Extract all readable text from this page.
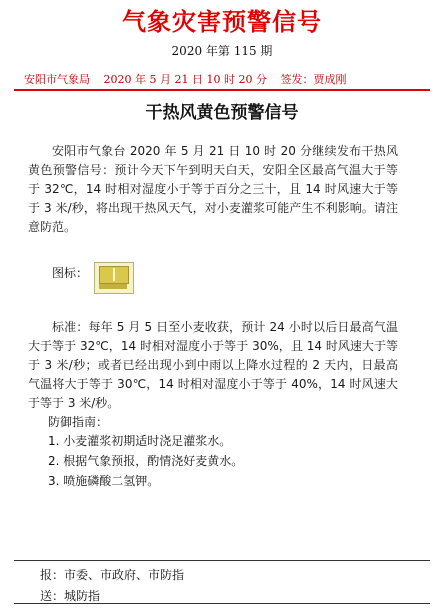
气象灾害预警信号
2020 年第 115 期
安阳市气象局 2020 年 5 月 21 日 10 时 20 分 签发：贾成刚
干热风黄色预警信号
安阳市气象台 2020 年 5 月 21 日 10 时 20 分继续发布干热风黄色预警信号：预计今天下午到明天白天，安阳全区最高气温大于等于 32℃，14 时相对湿度小于等于百分之三十，且 14 时风速大于等于 3 米/秒，将出现干热风天气，对小麦灌浆可能产生不利影响。请注意防范。
图标：
标准：每年 5 月 5 日至小麦收获，预计 24 小时以后日最高气温大于等于 32℃，14 时相对湿度小于等于 30%，且 14 时风速大于等于 3 米/秒；或者已经出现小到中雨以上降水过程的 2 天内，日最高气温将大于等于 30℃，14 时相对湿度小于等于 40%，14 时风速大于等于 3 米/秒。
防御指南：
1. 小麦灌浆初期适时浇足灌浆水。
2. 根据气象预报，酌情浇好麦黄水。
3. 喷施磷酸二氢钾。
报：市委、市政府、市防指
送：城防指
